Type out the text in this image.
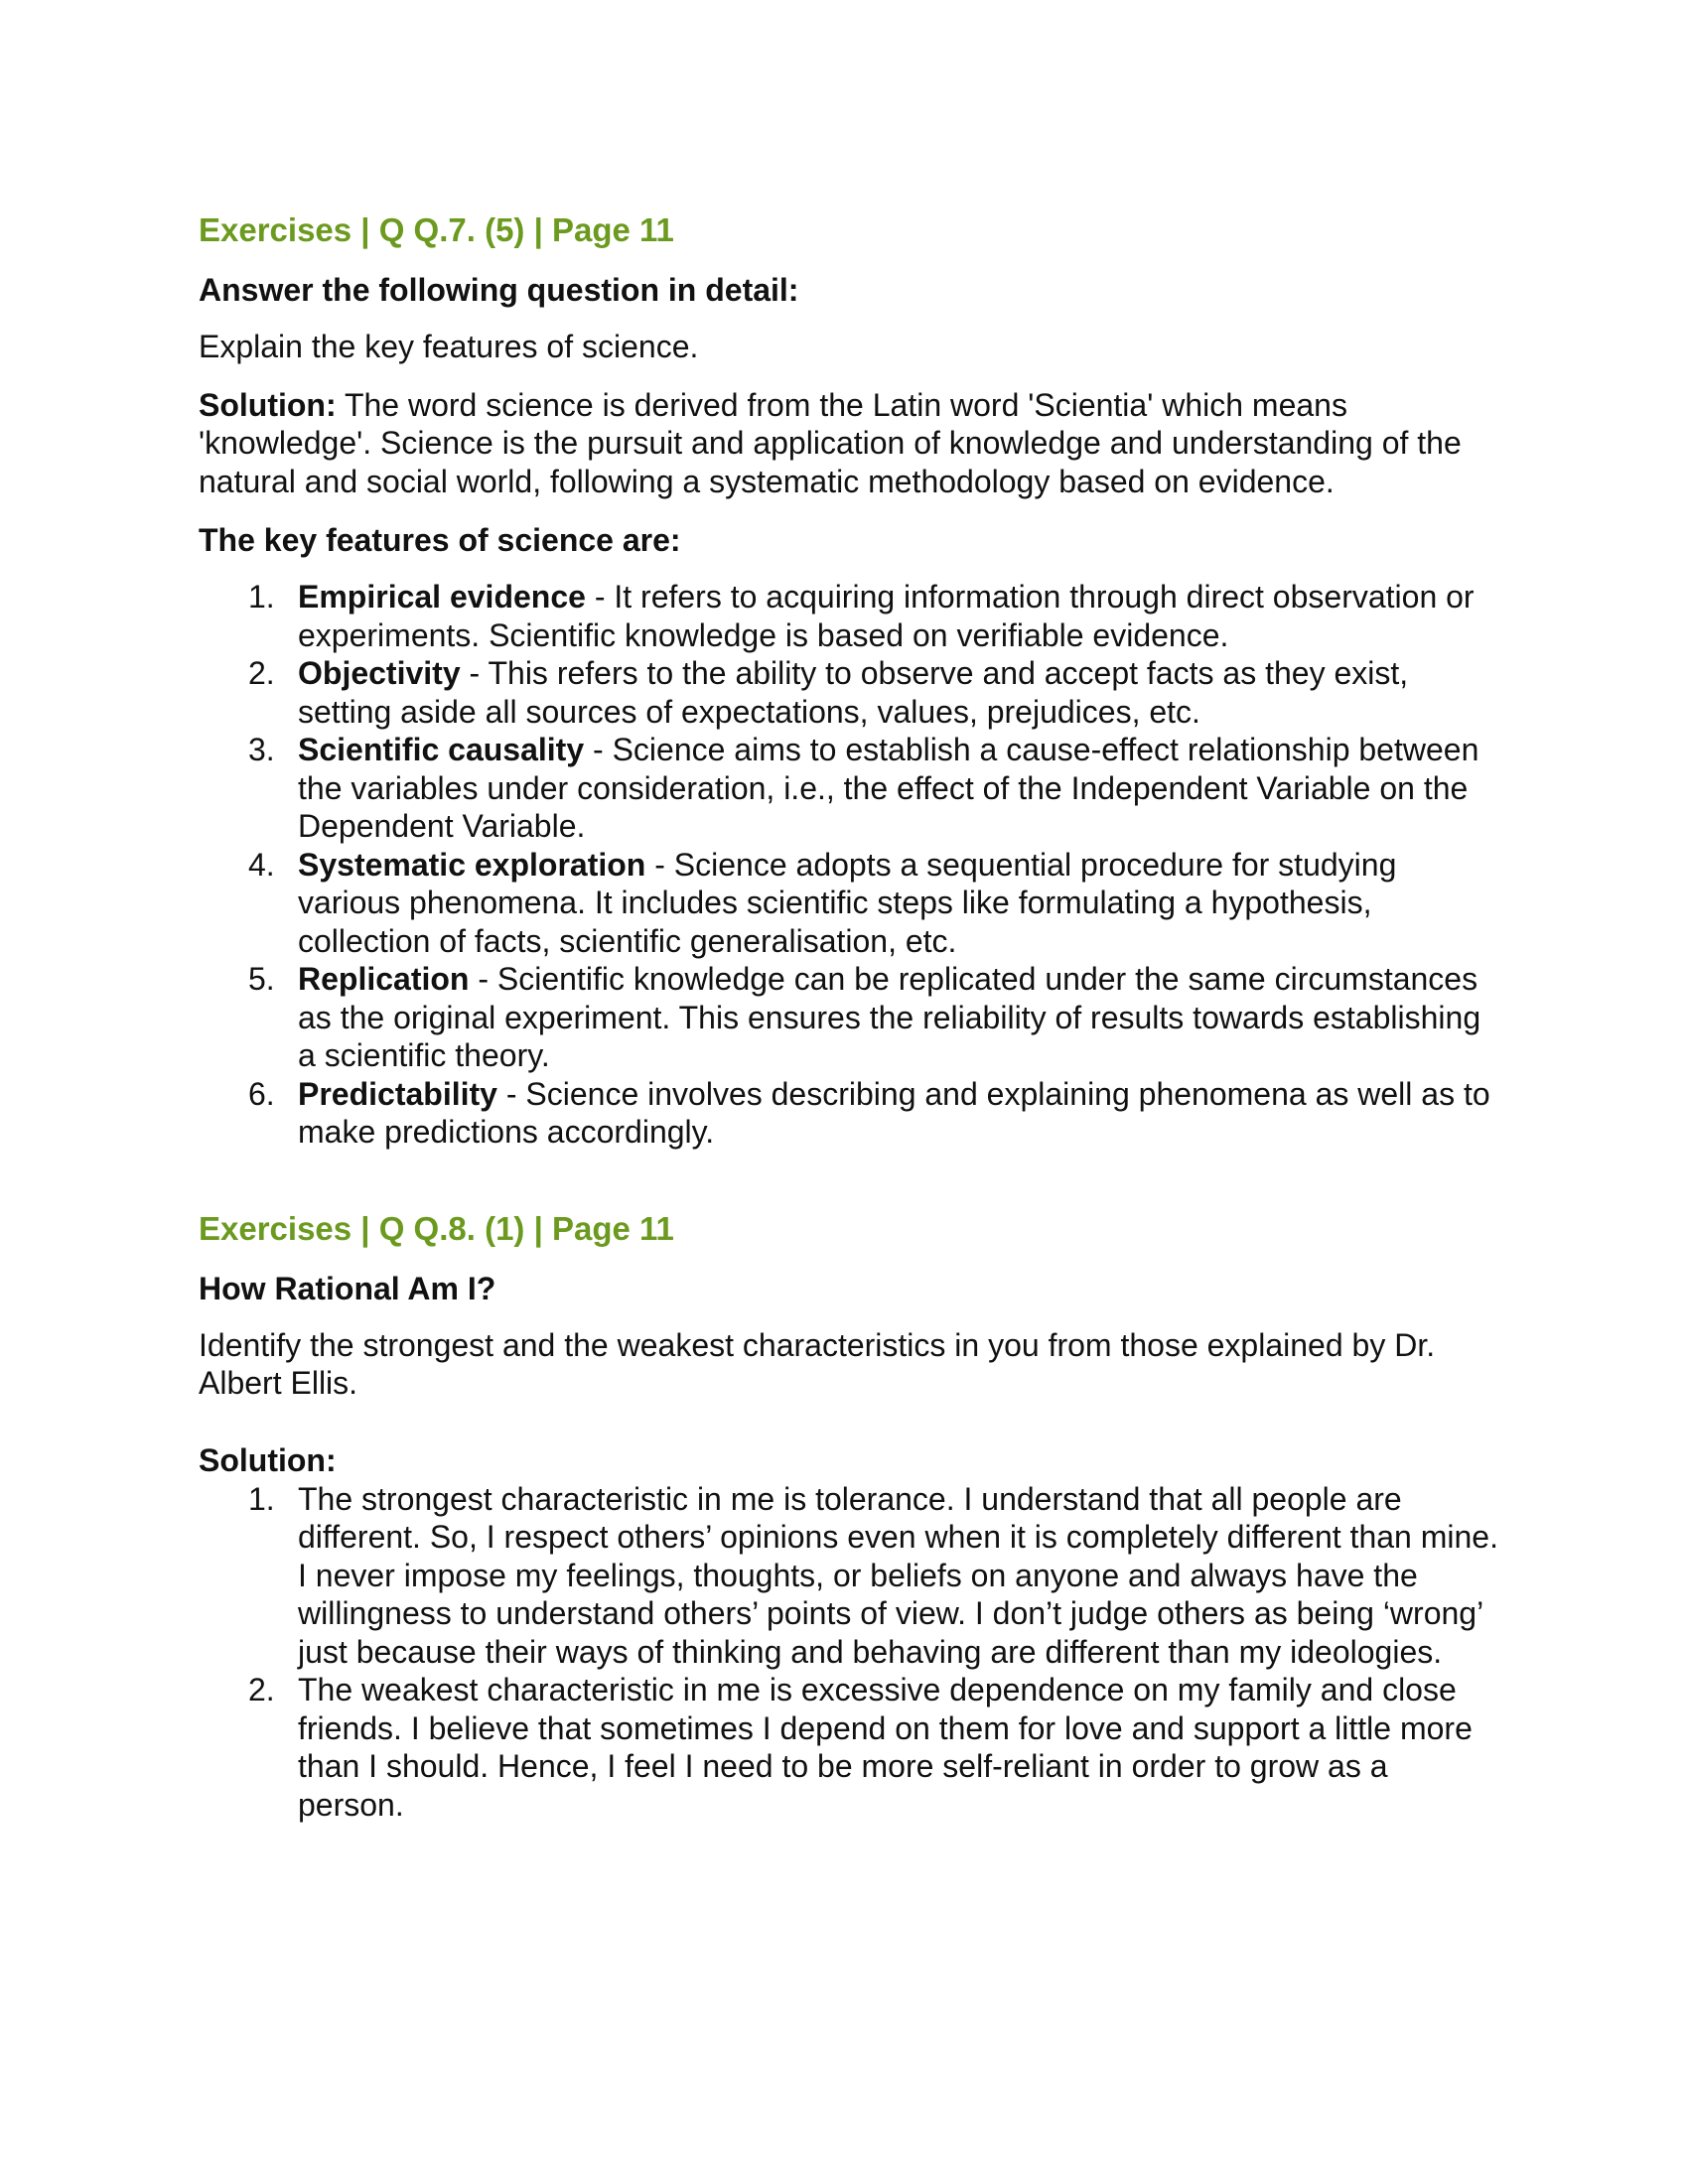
Exercises | Q Q.7. (5) | Page 11
Answer the following question in detail:
Explain the key features of science.
Solution: The word science is derived from the Latin word 'Scientia' which means 'knowledge'. Science is the pursuit and application of knowledge and understanding of the natural and social world, following a systematic methodology based on evidence.
The key features of science are:
1. Empirical evidence - It refers to acquiring information through direct observation or experiments. Scientific knowledge is based on verifiable evidence.
2. Objectivity - This refers to the ability to observe and accept facts as they exist, setting aside all sources of expectations, values, prejudices, etc.
3. Scientific causality - Science aims to establish a cause-effect relationship between the variables under consideration, i.e., the effect of the Independent Variable on the Dependent Variable.
4. Systematic exploration - Science adopts a sequential procedure for studying various phenomena. It includes scientific steps like formulating a hypothesis, collection of facts, scientific generalisation, etc.
5. Replication - Scientific knowledge can be replicated under the same circumstances as the original experiment. This ensures the reliability of results towards establishing a scientific theory.
6. Predictability - Science involves describing and explaining phenomena as well as to make predictions accordingly.
Exercises | Q Q.8. (1) | Page 11
How Rational Am I?
Identify the strongest and the weakest characteristics in you from those explained by Dr. Albert Ellis.
Solution:
1. The strongest characteristic in me is tolerance. I understand that all people are different. So, I respect others’ opinions even when it is completely different than mine. I never impose my feelings, thoughts, or beliefs on anyone and always have the willingness to understand others’ points of view. I don’t judge others as being ‘wrong’ just because their ways of thinking and behaving are different than my ideologies.
2. The weakest characteristic in me is excessive dependence on my family and close friends. I believe that sometimes I depend on them for love and support a little more than I should. Hence, I feel I need to be more self-reliant in order to grow as a person.
